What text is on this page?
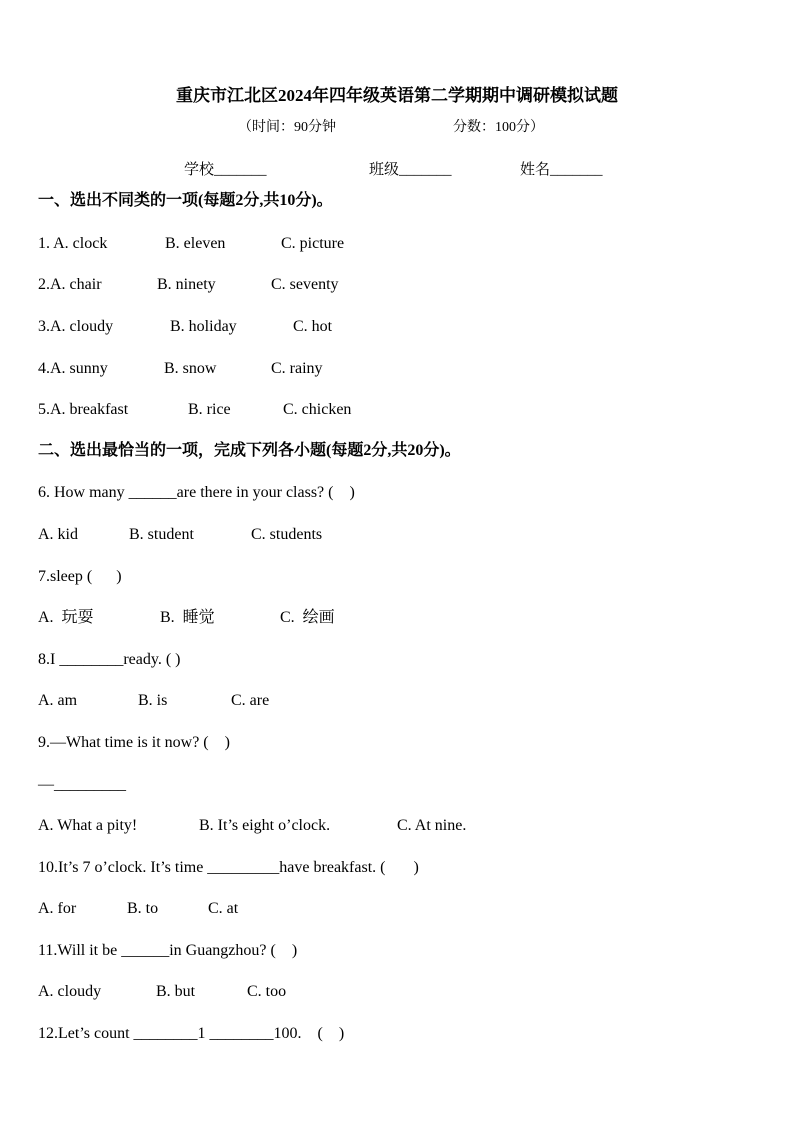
重庆市江北区2024年四年级英语第二学期期中调研模拟试题
（时间：90分钟	分数：100分）
学校_______	班级_______	姓名_______
一、选出不同类的一项(每题2分,共10分)。
1. A. clock	B. eleven	C. picture
2.A. chair	B. ninety	C. seventy
3.A. cloudy	B. holiday	C. hot
4.A. sunny	B. snow	C. rainy
5.A. breakfast	B. rice	C. chicken
二、选出最恰当的一项，完成下列各小题(每题2分,共20分)。
6. How many ______are there in your class? (    )
A. kid	B. student	C. students
7.sleep (      )
A.  玩耍	B.  睡觉	C.  绘画
8.I ________ready. ( )
A. am	B. is	C. are
9.—What time is it now? (    )
—_________
A. What a pity!	B. It’s eight o’clock.	C. At nine.
10.It’s 7 o’clock. It’s time _________have breakfast. (       )
A. for	B. to	C. at
11.Will it be ______in Guangzhou? (    )
A. cloudy	B. but	C. too
12.Let’s count ________1 ________100.    (    )
